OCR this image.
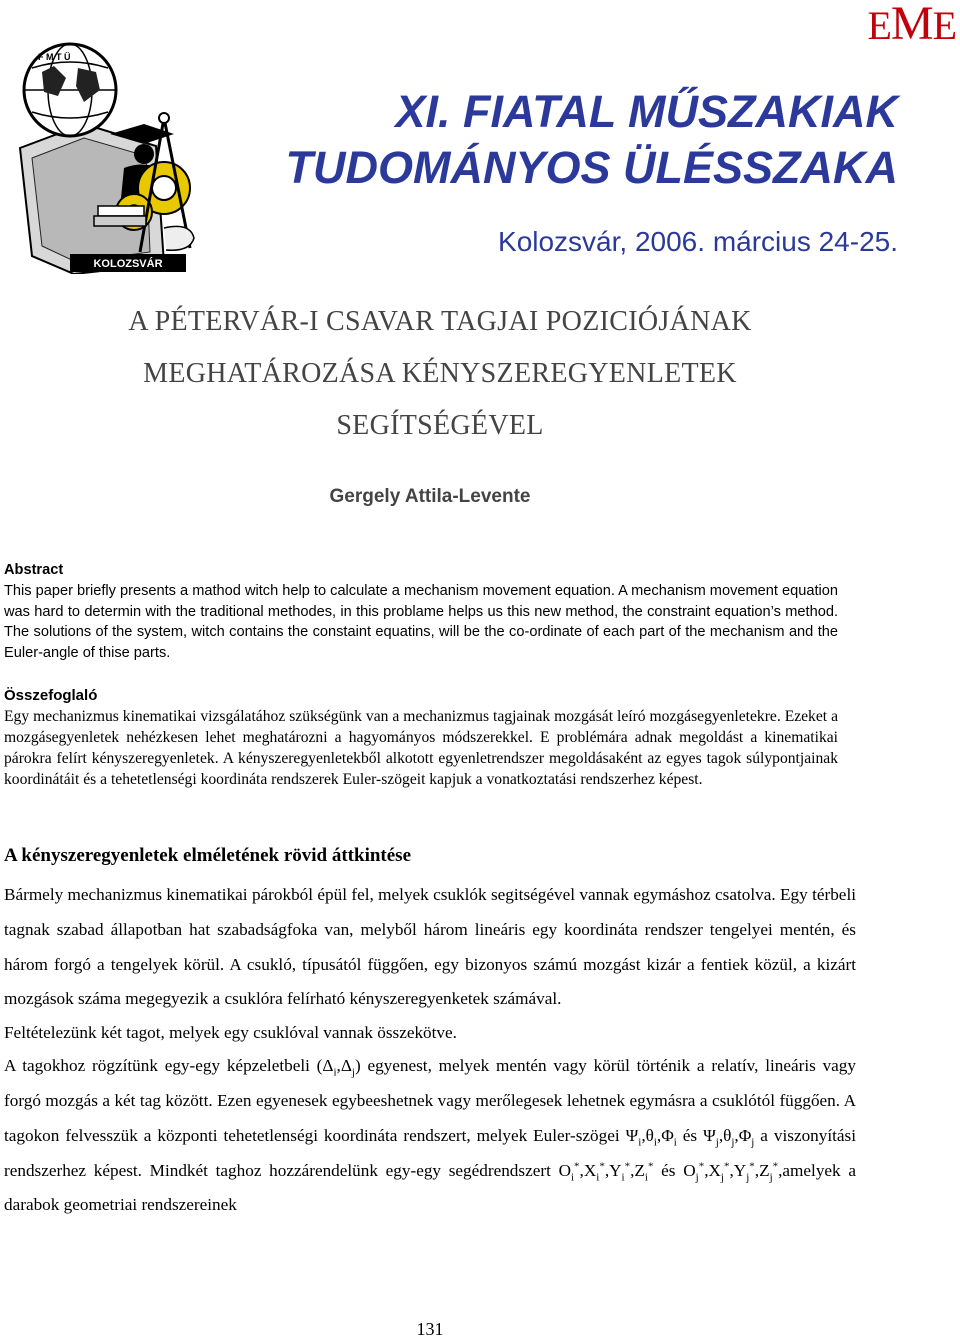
EME
F M T Ü
KOLOZSVÁR
XI. FIATAL MŰSZAKIAK
TUDOMÁNYOS ÜLÉSSZAKA
Kolozsvár, 2006. március 24-25.
A PÉTERVÁR-I CSAVAR TAGJAI POZICIÓJÁNAK
MEGHATÁROZÁSA KÉNYSZEREGYENLETEK
SEGÍTSÉGÉVEL
Gergely Attila-Levente
Abstract
This paper briefly presents a mathod witch help to calculate a mechanism movement equation. A mechanism movement equation was hard to determin with the traditional methodes, in this problame helps us this new method, the constraint equation’s method. The solutions of the system, witch contains the constaint equatins, will be the co-ordinate of each part of the mechanism and the Euler-angle of thise parts.
Összefoglaló
Egy mechanizmus kinematikai vizsgálatához szükségünk van a mechanizmus tagjainak mozgását leíró mozgásegyenletekre. Ezeket a mozgásegyenletek nehézkesen lehet meghatározni a hagyományos módszerekkel. E problémára adnak megoldást a kinematikai párokra felírt kényszeregyenletek. A kényszeregyenletekből alkotott egyenletrendszer megoldásaként az egyes tagok súlypontjainak koordinátáit és a tehetetlenségi koordináta rendszerek Euler-szögeit kapjuk a vonatkoztatási rendszerhez képest.
A kényszeregyenletek elméletének rövid áttkintése

Bármely mechanizmus kinematikai párokból épül fel, melyek csuklók segitségével vannak egymáshoz csatolva. Egy térbeli tagnak szabad állapotban hat szabadságfoka van, melyből három lineáris egy koordináta rendszer tengelyei mentén, és három forgó a tengelyek körül. A csukló, típusától függően, egy bizonyos számú mozgást kizár a fentiek közül, a kizárt mozgások száma megegyezik a csuklóra felírható kényszeregyenketek számával.

Feltételezünk két tagot, melyek egy csuklóval vannak összekötve.

A tagokhoz rögzítünk egy-egy képzeletbeli $(\Delta_i,\Delta_j)$ egyenest, melyek mentén vagy körül történik a relatív, lineáris vagy forgó mozgás a két tag között. Ezen egyenesek egybeeshetnek vagy merőlegesek lehetnek egymásra a csuklótól függően. A tagokon felvesszük a központi tehetetlenségi koordináta rendszert, melyek Euler-szögei $\Psi_i,\theta_i,\Phi_i$ és $\Psi_j,\theta_j,\Phi_j$ a viszonyítási rendszerhez képest. Mindkét taghoz hozzárendelünk egy-egy segédrendszert $O_i^*,X_i^*,Y_i^*,Z_i^*$ és $O_j^*,X_j^*,Y_j^*,Z_j^*,amelyek$ a darabok geometriai rendszereinek

131
